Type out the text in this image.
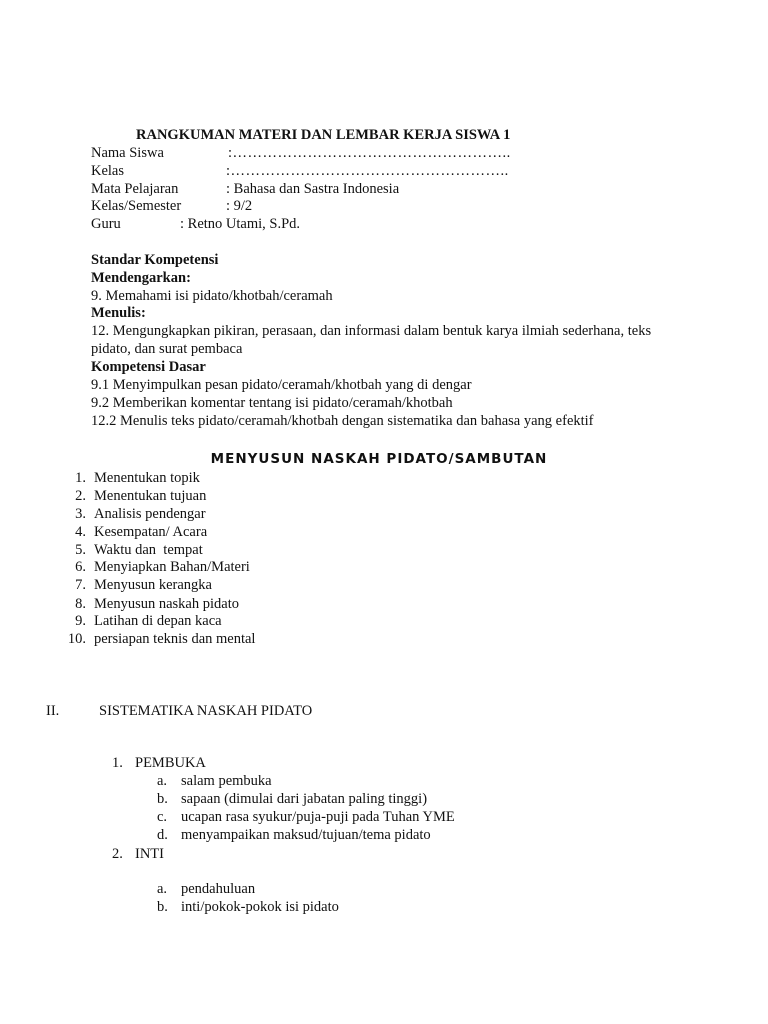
RANGKUMAN MATERI DAN LEMBAR KERJA SISWA 1
Nama Siswa	:………………………………………………..
Kelas	:………………………………………………..
Mata Pelajaran	: Bahasa dan Sastra Indonesia
Kelas/Semester	: 9/2
Guru	: Retno Utami, S.Pd.
Standar Kompetensi
Mendengarkan:
9. Memahami isi pidato/khotbah/ceramah
Menulis:
12. Mengungkapkan pikiran, perasaan, dan informasi dalam bentuk karya ilmiah sederhana, teks
pidato, dan surat pembaca
Kompetensi Dasar
9.1 Menyimpulkan pesan pidato/ceramah/khotbah yang di dengar
9.2 Memberikan komentar tentang isi pidato/ceramah/khotbah
12.2 Menulis teks pidato/ceramah/khotbah dengan sistematika dan bahasa yang efektif
MENYUSUN NASKAH PIDATO/SAMBUTAN
1. Menentukan topik
2. Menentukan tujuan
3. Analisis pendengar
4. Kesempatan/ Acara
5. Waktu dan  tempat
6. Menyiapkan Bahan/Materi
7. Menyusun kerangka
8. Menyusun naskah pidato
9. Latihan di depan kaca
10. persiapan teknis dan mental
II.	SISTEMATIKA NASKAH PIDATO
1. PEMBUKA
a. salam pembuka
b. sapaan (dimulai dari jabatan paling tinggi)
c. ucapan rasa syukur/puja-puji pada Tuhan YME
d. menyampaikan maksud/tujuan/tema pidato
2. INTI
a. pendahuluan
b. inti/pokok-pokok isi pidato
